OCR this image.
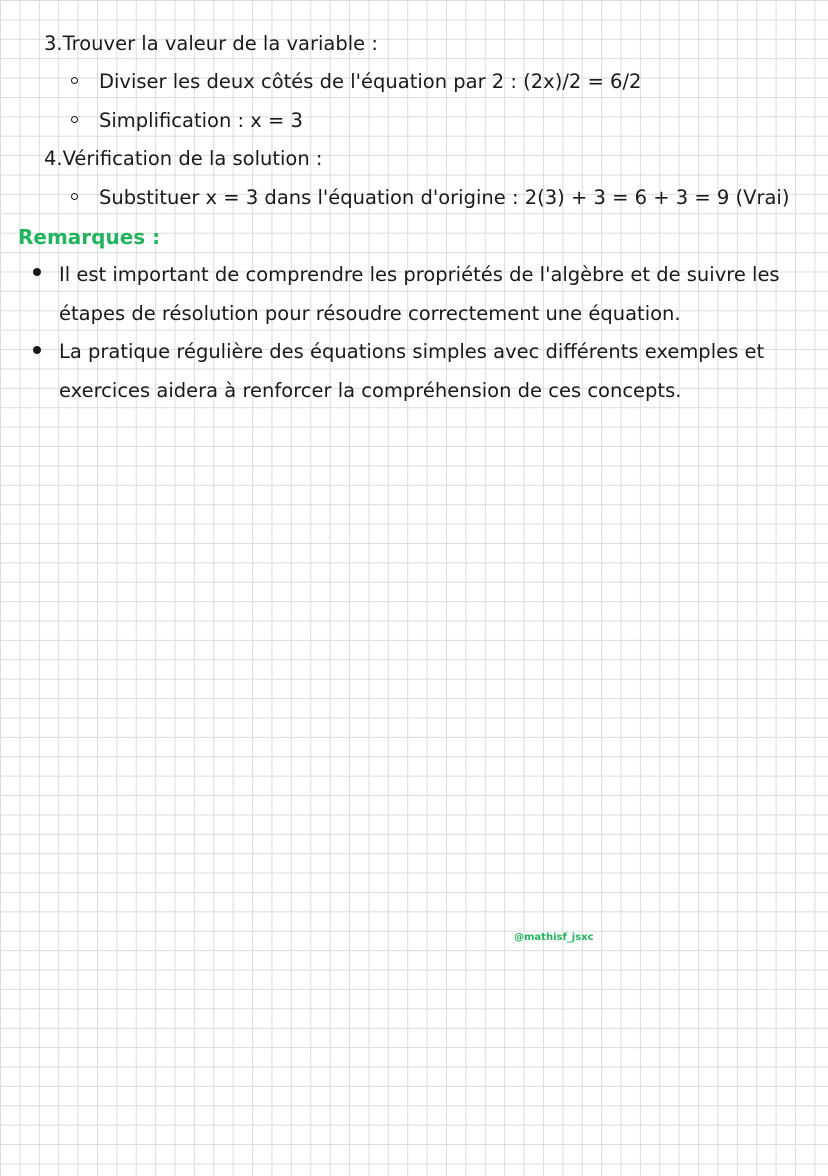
3.Trouver la valeur de la variable :
Diviser les deux côtés de l'équation par 2 : (2x)/2 = 6/2
Simplification : x = 3
4.Vérification de la solution :
Substituer x = 3 dans l'équation d'origine : 2(3) + 3 = 6 + 3 = 9 (Vrai)
Remarques :
Il est important de comprendre les propriétés de l'algèbre et de suivre les étapes de résolution pour résoudre correctement une équation.
La pratique régulière des équations simples avec différents exemples et exercices aidera à renforcer la compréhension de ces concepts.
@mathisf_jsxc
